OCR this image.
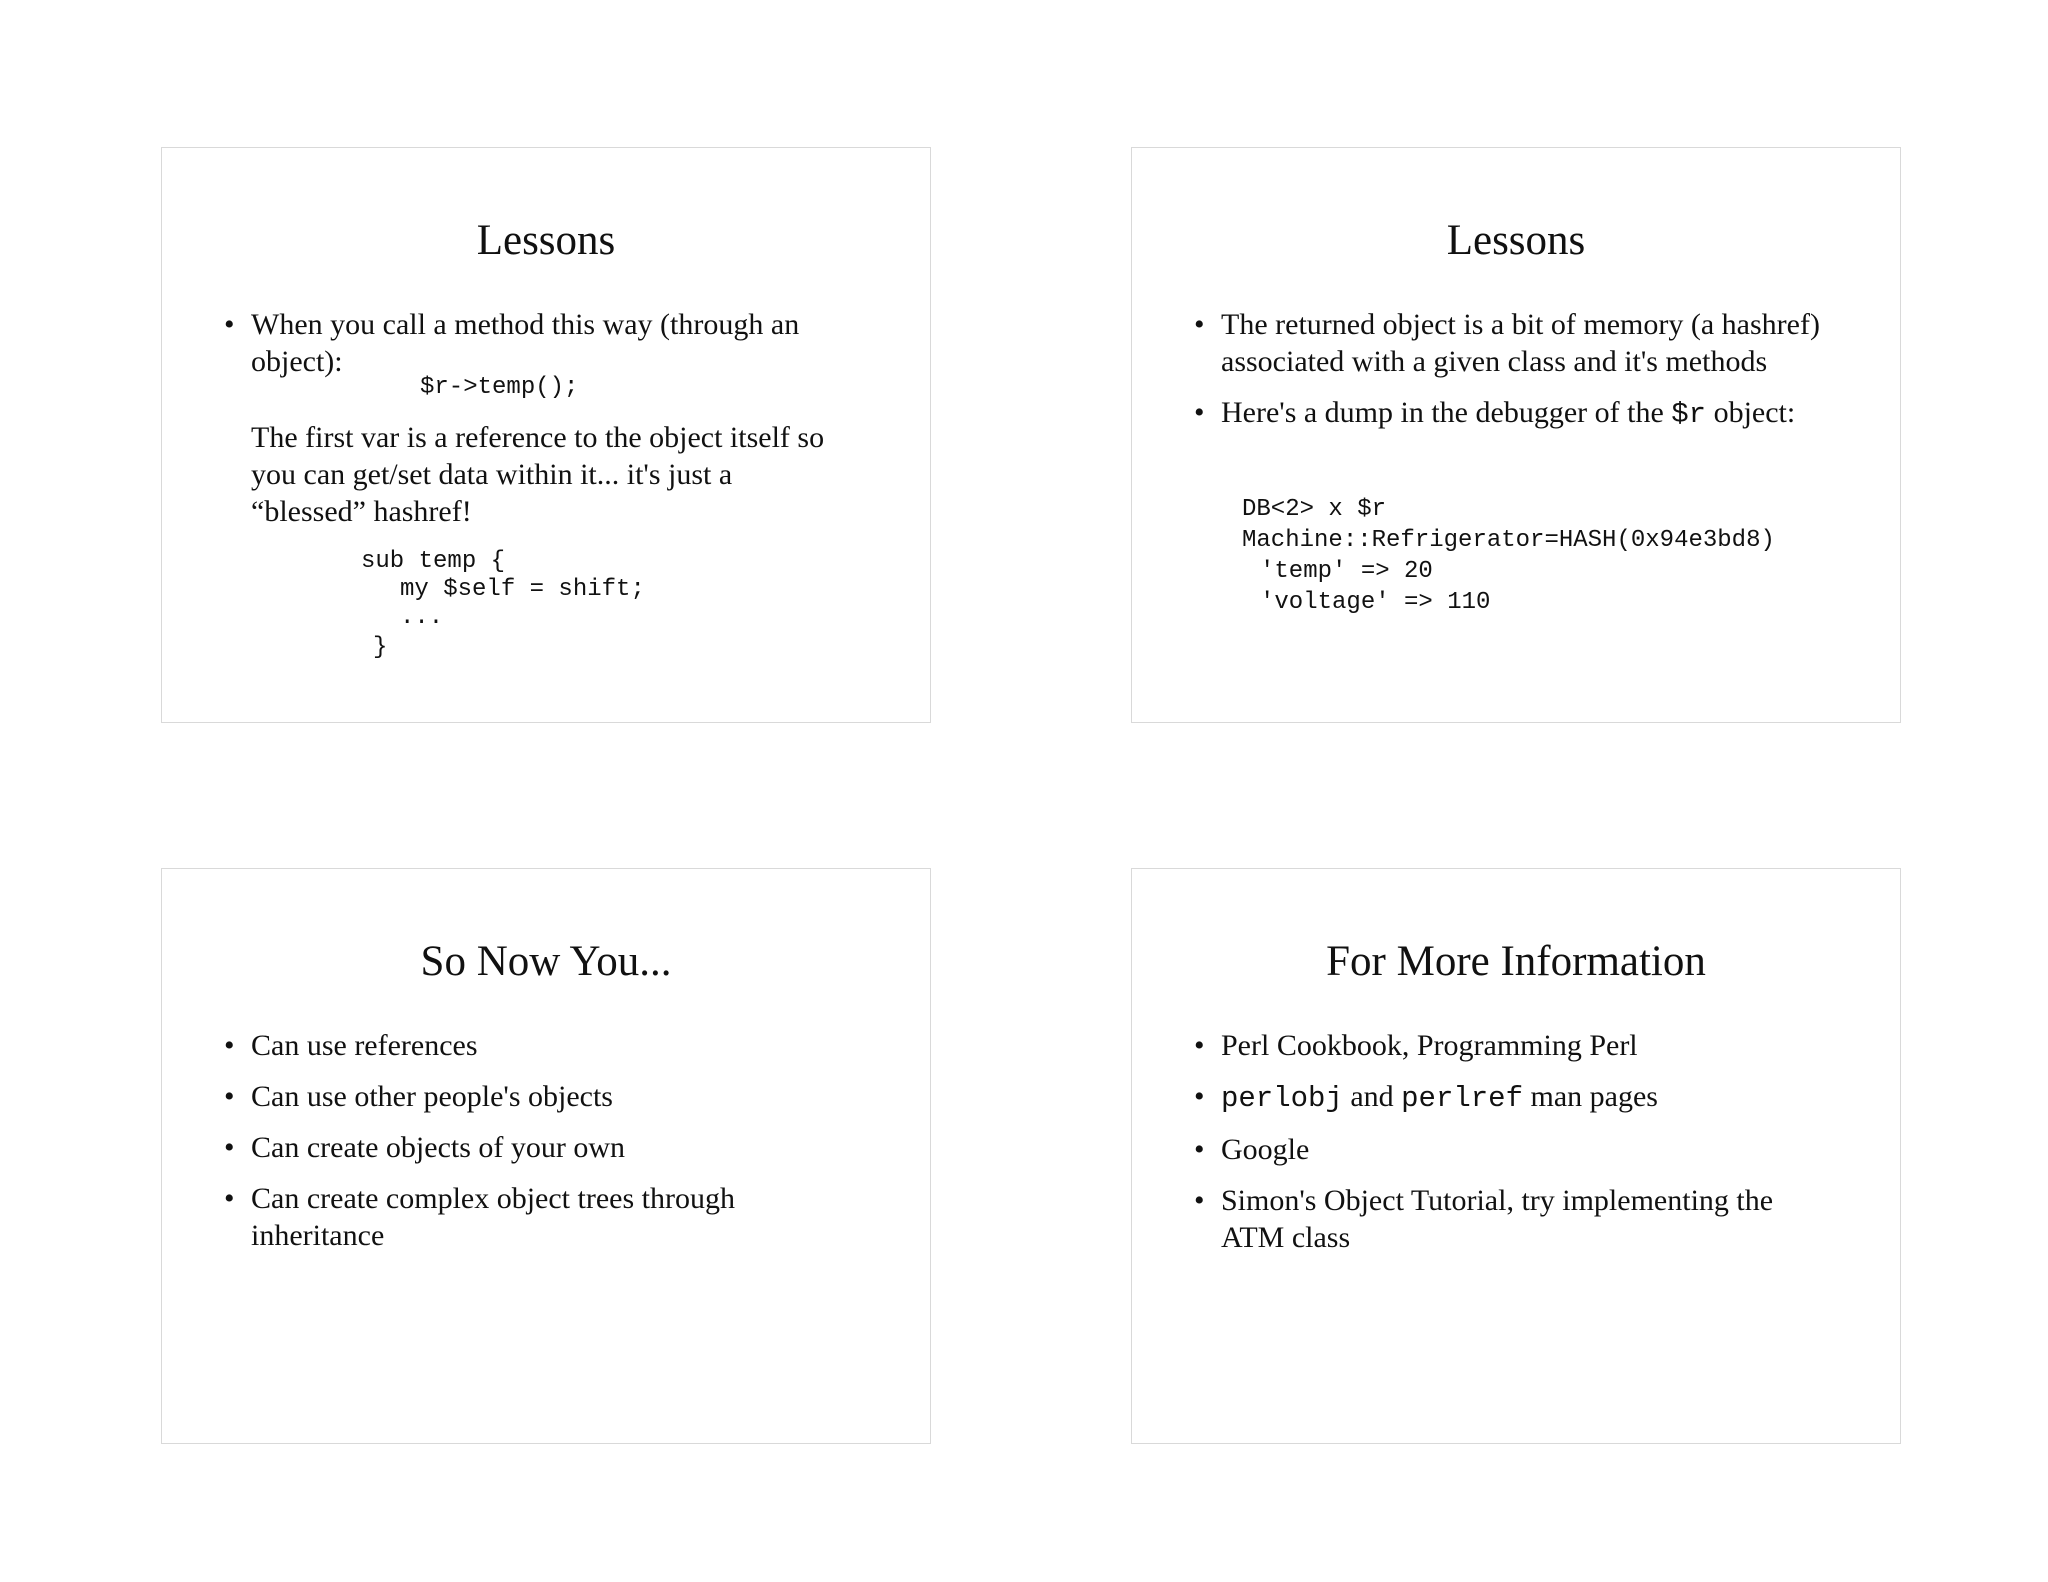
Lessons
• When you call a method this way (through an
object):
$r->temp();
The first var is a reference to the object itself so
you can get/set data within it... it's just a
“blessed” hashref!
sub temp {
my $self = shift;
...
}
Lessons
• The returned object is a bit of memory (a hashref)
associated with a given class and it's methods
• Here's a dump in the debugger of the $r object:
DB<2> x $r
Machine::Refrigerator=HASH(0x94e3bd8)
'temp' => 20
'voltage' => 110
So Now You...
• Can use references
• Can use other people's objects
• Can create objects of your own
• Can create complex object trees through
inheritance
For More Information
• Perl Cookbook, Programming Perl
• perlobj and perlref man pages
• Google
• Simon's Object Tutorial, try implementing the
ATM class
